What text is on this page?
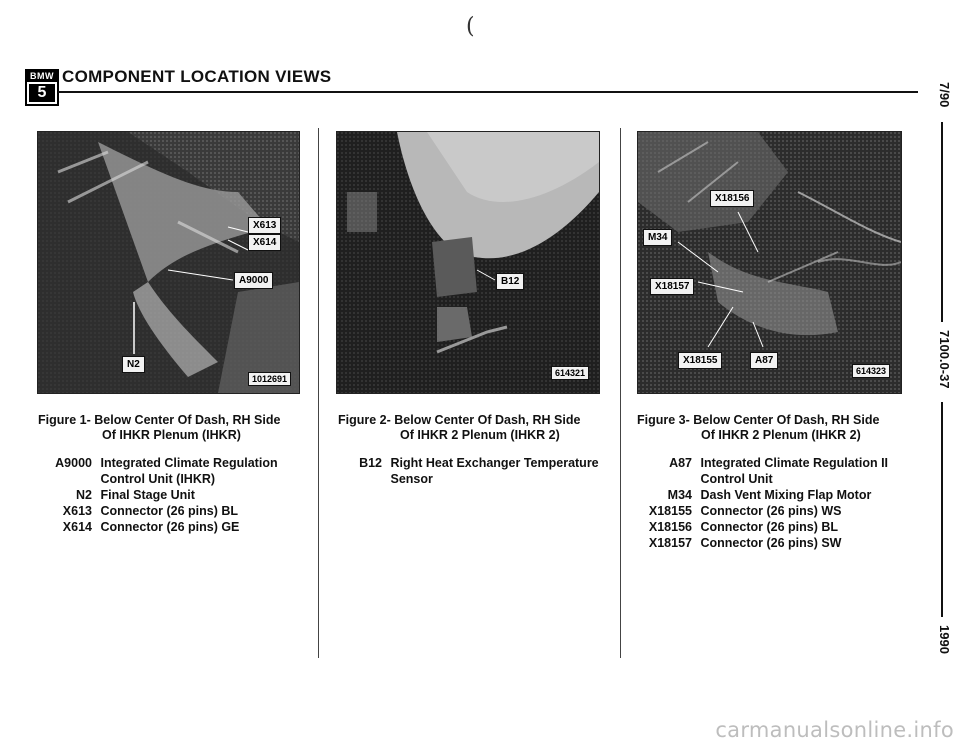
(
BMW
5
COMPONENT LOCATION VIEWS
X613
X614
A9000
N2
1012691
B12
614321
X18156
M34
X18157
X18155	A87
614323
Figure 1- Below Center Of Dash, RH Side
Of IHKR Plenum (IHKR)
Figure 2- Below Center Of Dash, RH Side
Of IHKR 2 Plenum (IHKR 2)
Figure 3- Below Center Of Dash, RH Side
Of IHKR 2 Plenum (IHKR 2)
A9000 Integrated Climate Regulation Control Unit (IHKR)
N2 Final Stage Unit
X613 Connector (26 pins) BL
X614 Connector (26 pins) GE
B12 Right Heat Exchanger Temperature Sensor
A87 Integrated Climate Regulation II Control Unit
M34 Dash Vent Mixing Flap Motor
X18155 Connector (26 pins) WS
X18156 Connector (26 pins) BL
X18157 Connector (26 pins) SW
7/90
7100.0-37
1990
carmanualsonline.info
